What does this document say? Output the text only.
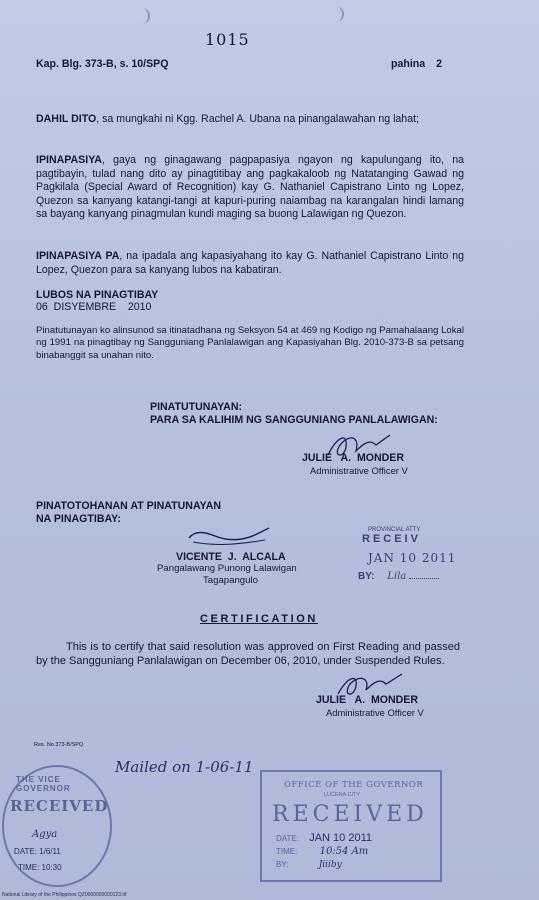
1015
Kap. Blg. 373-B, s. 10/SPQ	pahina 2
DAHIL DITO, sa mungkahi ni Kgg. Rachel A. Ubana na pinangalawahan ng lahat;
IPINAPASIYA, gaya ng ginagawang pagpapasiya ngayon ng kapulungang ito, na pagtibayin, tulad nang dito ay pinagtitibay ang pagkakaloob ng Natatanging Gawad ng Pagkilala (Special Award of Recognition) kay G. Nathaniel Capistrano Linto ng Lopez, Quezon sa kanyang katangi-tangi at kapuri-puring naiambag na karangalan hindi lamang sa bayang kanyang pinagmulan kundi maging sa buong Lalawigan ng Quezon.
IPINAPASIYA PA, na ipadala ang kapasiyahang ito kay G. Nathaniel Capistrano Linto ng Lopez, Quezon para sa kanyang lubos na kabatiran.
LUBOS NA PINAGTIBAY
06  DISYEMBRE    2010
Pinatutunayan ko alinsunod sa itinatadhana ng Seksyon 54 at 469 ng Kodigo ng Pamahalaang Lokal ng 1991 na pinagtibay ng Sangguniang Panlalawigan ang Kapasiyahan Blg. 2010-373-B sa petsang binabanggit sa unahan nito.
PINATUTUNAYAN:
PARA SA KALIHIM NG SANGGUNIANG PANLALAWIGAN:
JULIE   A.  MONDER
Administrative Officer V
PINATOTOHANAN AT PINATUNAYAN
NA PINAGTIBAY:
VICENTE  J.  ALCALA
Pangalawang Punong Lalawigan
Tagapangulo
PROVINCIAL ATTY
RECEIV
JAN 10 2011
BY: Lila
CERTIFICATION
This is to certify that said resolution was approved on First Reading and passed by the Sangguniang Panlalawigan on December 06, 2010, under Suspended Rules.
JULIE   A.  MONDER
Administrative Officer V
Res. No.373-B/SPQ
Mailed on 1-06-11
THE VICE GOVERNOR
RECEIVED
Agya
DATE: 1/6/11
TIME: 10:30
OFFICE OF THE GOVERNOR
LUCENA CITY
RECEIVED
DATE: JAN 10 2011
TIME: 10:54 Am
BY:	Jiiiby
National Library of the Philippines QZ0000000000123.tif
